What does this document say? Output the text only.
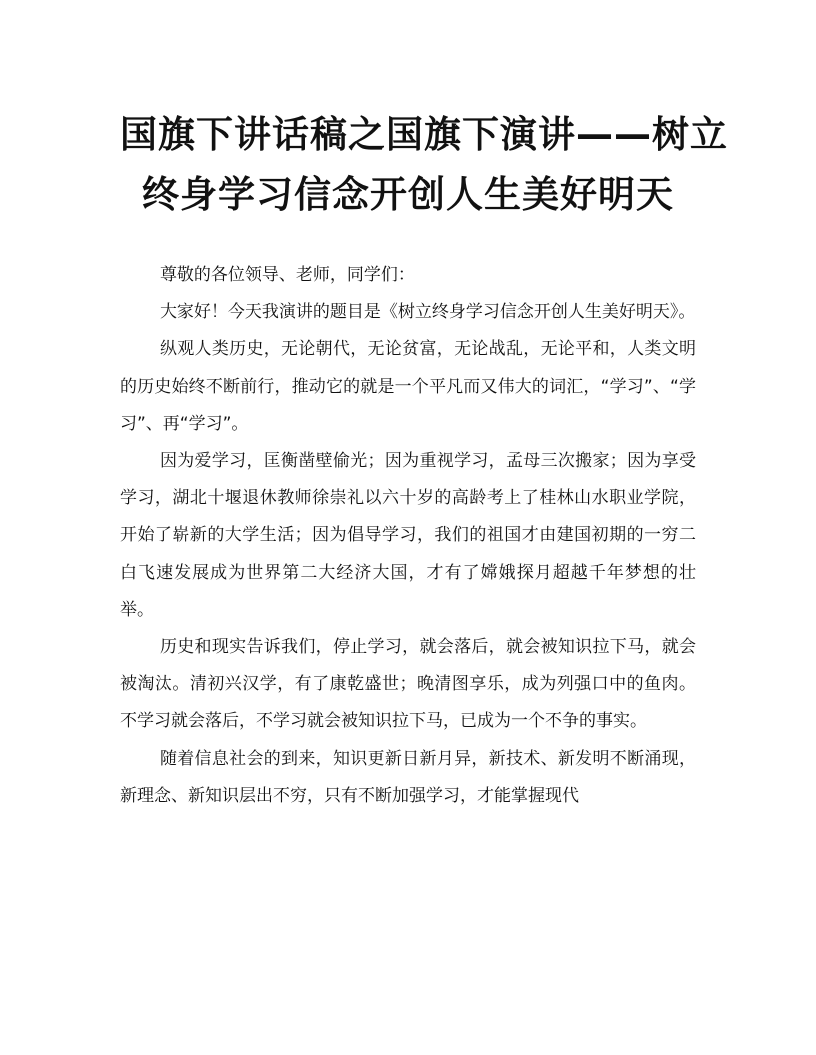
国旗下讲话稿之国旗下演讲——树立
终身学习信念开创人生美好明天

尊敬的各位领导、老师，同学们：

大家好！今天我演讲的题目是《树立终身学习信念开创人生美好明天》。

纵观人类历史，无论朝代，无论贫富，无论战乱，无论平和，人类文明的历史始终不断前行，推动它的就是一个平凡而又伟大的词汇，“学习”、“学习”、再“学习”。

因为爱学习，匡衡凿壁偷光；因为重视学习，孟母三次搬家；因为享受学习，湖北十堰退休教师徐崇礼以六十岁的高龄考上了桂林山水职业学院，开始了崭新的大学生活；因为倡导学习，我们的祖国才由建国初期的一穷二白飞速发展成为世界第二大经济大国，才有了嫦娥探月超越千年梦想的壮举。

历史和现实告诉我们，停止学习，就会落后，就会被知识拉下马，就会被淘汰。清初兴汉学，有了康乾盛世；晚清图享乐，成为列强口中的鱼肉。不学习就会落后，不学习就会被知识拉下马，已成为一个不争的事实。

随着信息社会的到来，知识更新日新月异，新技术、新发明不断涌现，新理念、新知识层出不穷，只有不断加强学习，才能掌握现代
